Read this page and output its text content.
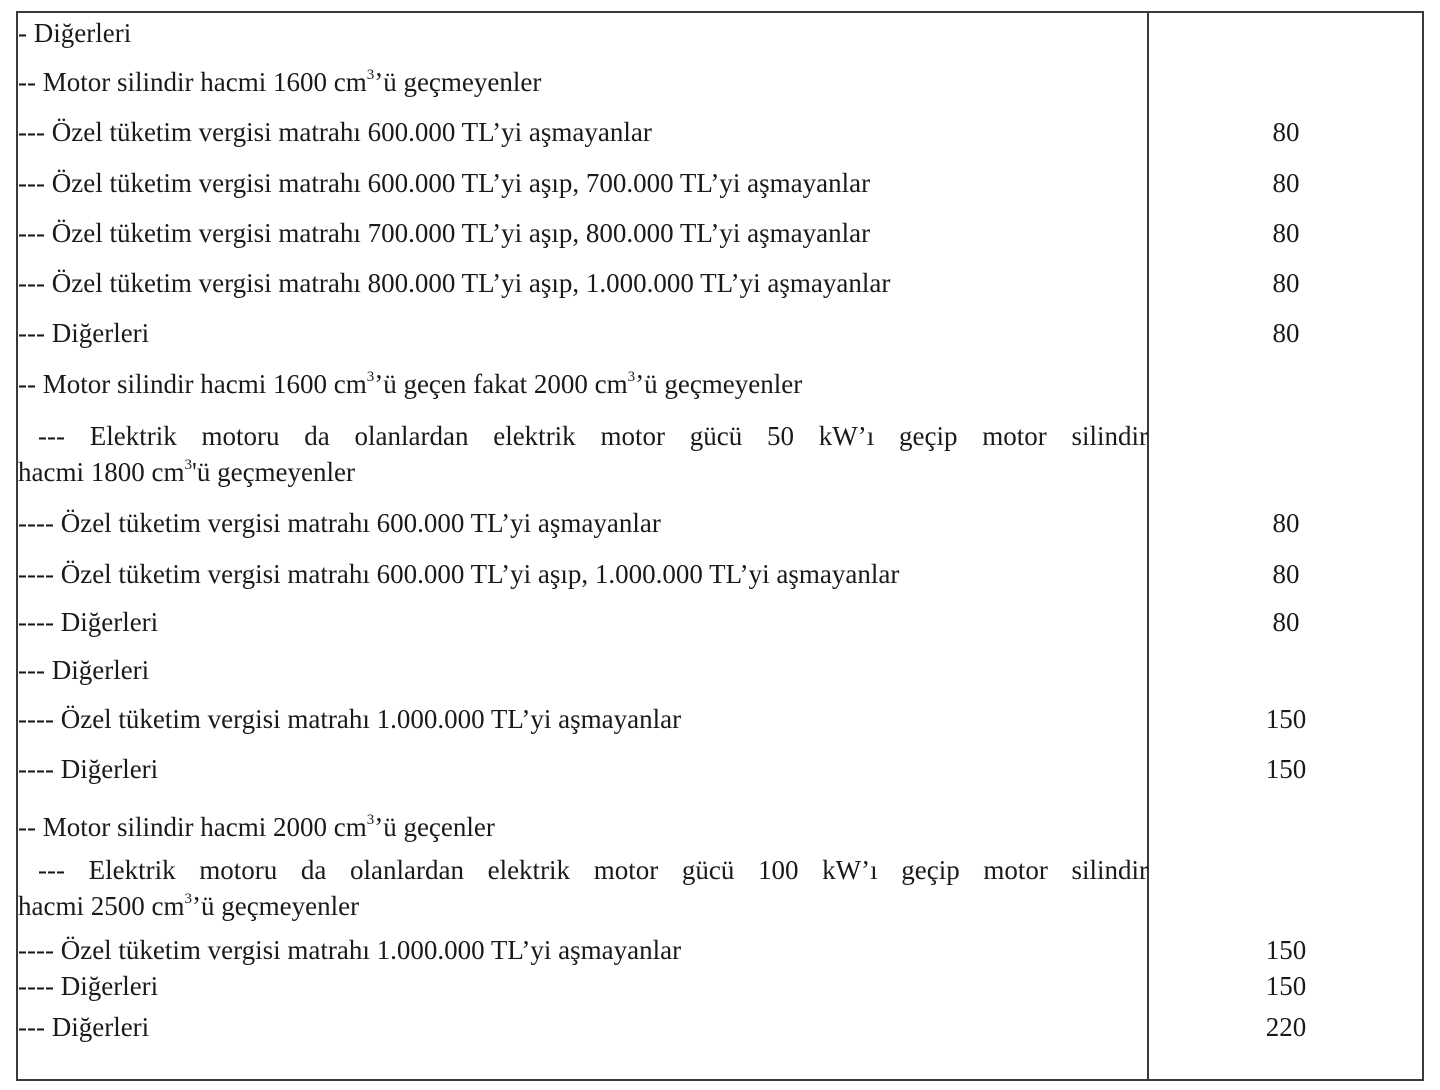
- Diğerleri
-- Motor silindir hacmi 1600 $cm^3’ü$ geçmeyenler
--- Özel tüketim vergisi matrahı 600.000 TL’yi aşmayanlar	80
--- Özel tüketim vergisi matrahı 600.000 TL’yi aşıp, 700.000 TL’yi aşmayanlar	80
--- Özel tüketim vergisi matrahı 700.000 TL’yi aşıp, 800.000 TL’yi aşmayanlar	80
--- Özel tüketim vergisi matrahı 800.000 TL’yi aşıp, 1.000.000 TL’yi aşmayanlar	80
--- Diğerleri	80
-- Motor silindir hacmi 1600 $cm^3’ü$ geçen fakat 2000 $cm^3’ü$ geçmeyenler
--- Elektrik motoru da olanlardan elektrik motor gücü 50 kW’ı geçip motor silindir
hacmi 1800 $cm^3'ü$ geçmeyenler
---- Özel tüketim vergisi matrahı 600.000 TL’yi aşmayanlar	80
---- Özel tüketim vergisi matrahı 600.000 TL’yi aşıp, 1.000.000 TL’yi aşmayanlar	80
---- Diğerleri	80
--- Diğerleri
---- Özel tüketim vergisi matrahı 1.000.000 TL’yi aşmayanlar	150
---- Diğerleri	150
-- Motor silindir hacmi 2000 $cm^3’ü$ geçenler
--- Elektrik motoru da olanlardan elektrik motor gücü 100 kW’ı geçip motor silindir
hacmi 2500 $cm^3’ü$ geçmeyenler
---- Özel tüketim vergisi matrahı 1.000.000 TL’yi aşmayanlar	150
---- Diğerleri	150
--- Diğerleri	220
